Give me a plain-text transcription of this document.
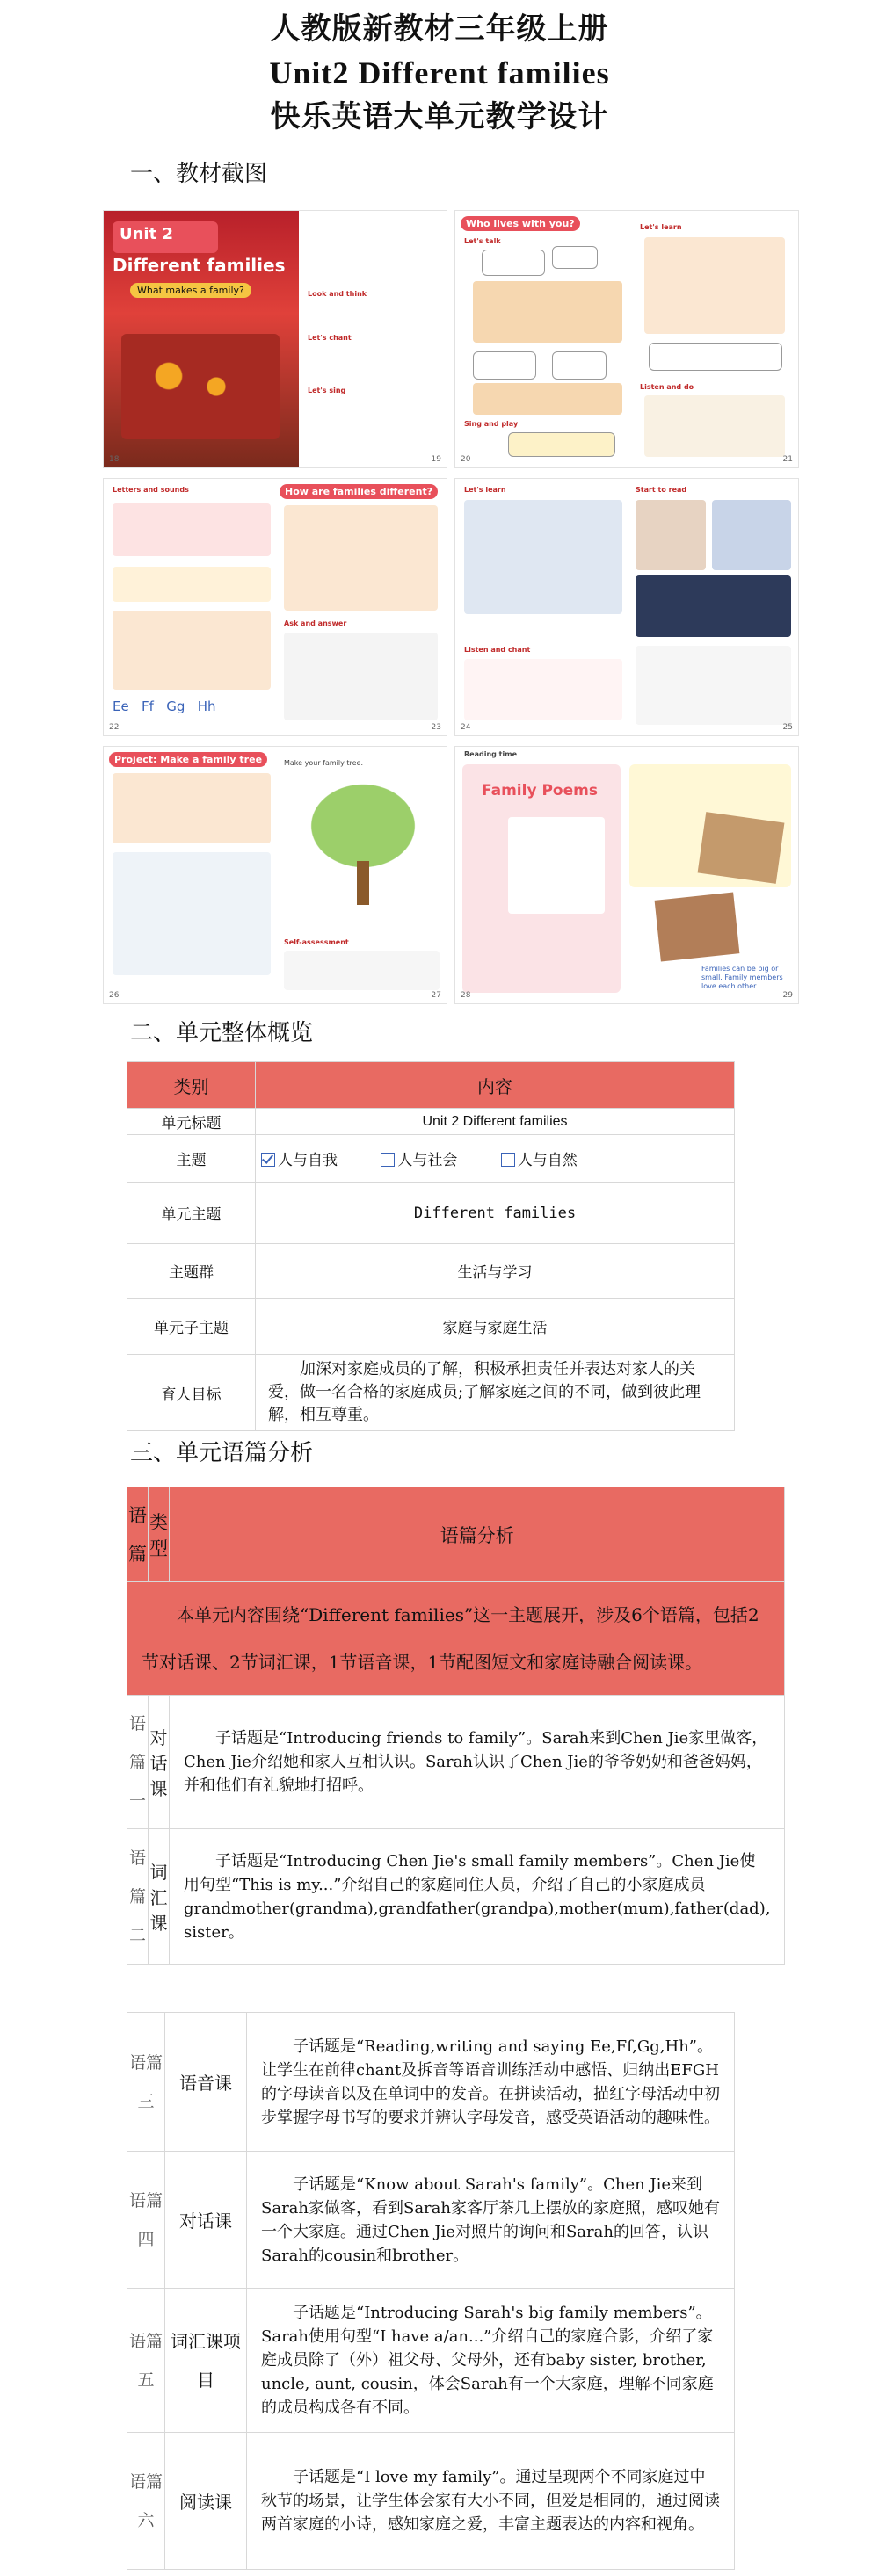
人教版新教材三年级上册
Unit2 Different families
快乐英语大单元教学设计
一、教材截图
Unit 2
Different families
What makes a family?	Look and think
Let's chant
Let's sing
18	19
Who lives with you?
Let's talk
Sing and play
Let's learn
Listen and do
20	21
Letters and sounds
Ee Ff Gg Hh
How are families different?
Ask and answer
22	23
Let's learn
Listen and chant
Start to read
24	25
Project: Make a family tree	Make your family tree.
Self-assessment
26	27
Reading time
Family Poems
Families can be big or small. Family members love each other.
28	29
二、单元整体概览
类别	内容
单元标题	Unit 2 Different families
主题	人与自我 人与社会 人与自然
单元主题	Different families
主题群	生活与学习
单元子主题	家庭与家庭生活
育人目标	加深对家庭成员的了解，积极承担责任并表达对家人的关爱，做一名合格的家庭成员;了解家庭之间的不同，做到彼此理解，相互尊重。
三、单元语篇分析
语篇	类型	语篇分析
本单元内容围绕“Different families”这一主题展开，涉及6个语篇，包括2节对话课、2节词汇课，1节语音课，1节配图短文和家庭诗融合阅读课。		
语篇一	对话课	子话题是“Introducing friends to family”。Sarah来到Chen Jie家里做客，Chen Jie介绍她和家人互相认识。Sarah认识了Chen Jie的爷爷奶奶和爸爸妈妈，并和他们有礼貌地打招呼。
语篇二	词汇课	子话题是“Introducing Chen Jie's small family members”。Chen Jie使用句型“This is my...”介绍自己的家庭同住人员，介绍了自己的小家庭成员grandmother(grandma),grandfather(grandpa),mother(mum),father(dad), sister。
语篇三	语音课	子话题是“Reading,writing and saying Ee,Ff,Gg,Hh”。让学生在前律chant及拆音等语音训练活动中感悟、归纳出EFGH的字母读音以及在单词中的发音。在拼读活动，描红字母活动中初步掌握字母书写的要求并辨认字母发音，感受英语活动的趣味性。
语篇四	对话课	子话题是“Know about Sarah's family”。Chen Jie来到Sarah家做客，看到Sarah家客厅茶几上摆放的家庭照，感叹她有一个大家庭。通过Chen Jie对照片的询问和Sarah的回答，认识Sarah的cousin和brother。
语篇五	词汇课项目	子话题是“Introducing Sarah's big family members”。Sarah使用句型“I have a/an...”介绍自己的家庭合影，介绍了家庭成员除了（外）祖父母、父母外，还有baby sister, brother, uncle, aunt, cousin，体会Sarah有一个大家庭，理解不同家庭的成员构成各有不同。
语篇六	阅读课	子话题是“I love my family”。通过呈现两个不同家庭过中秋节的场景，让学生体会家有大小不同，但爱是相同的，通过阅读两首家庭的小诗，感知家庭之爱，丰富主题表达的内容和视角。
